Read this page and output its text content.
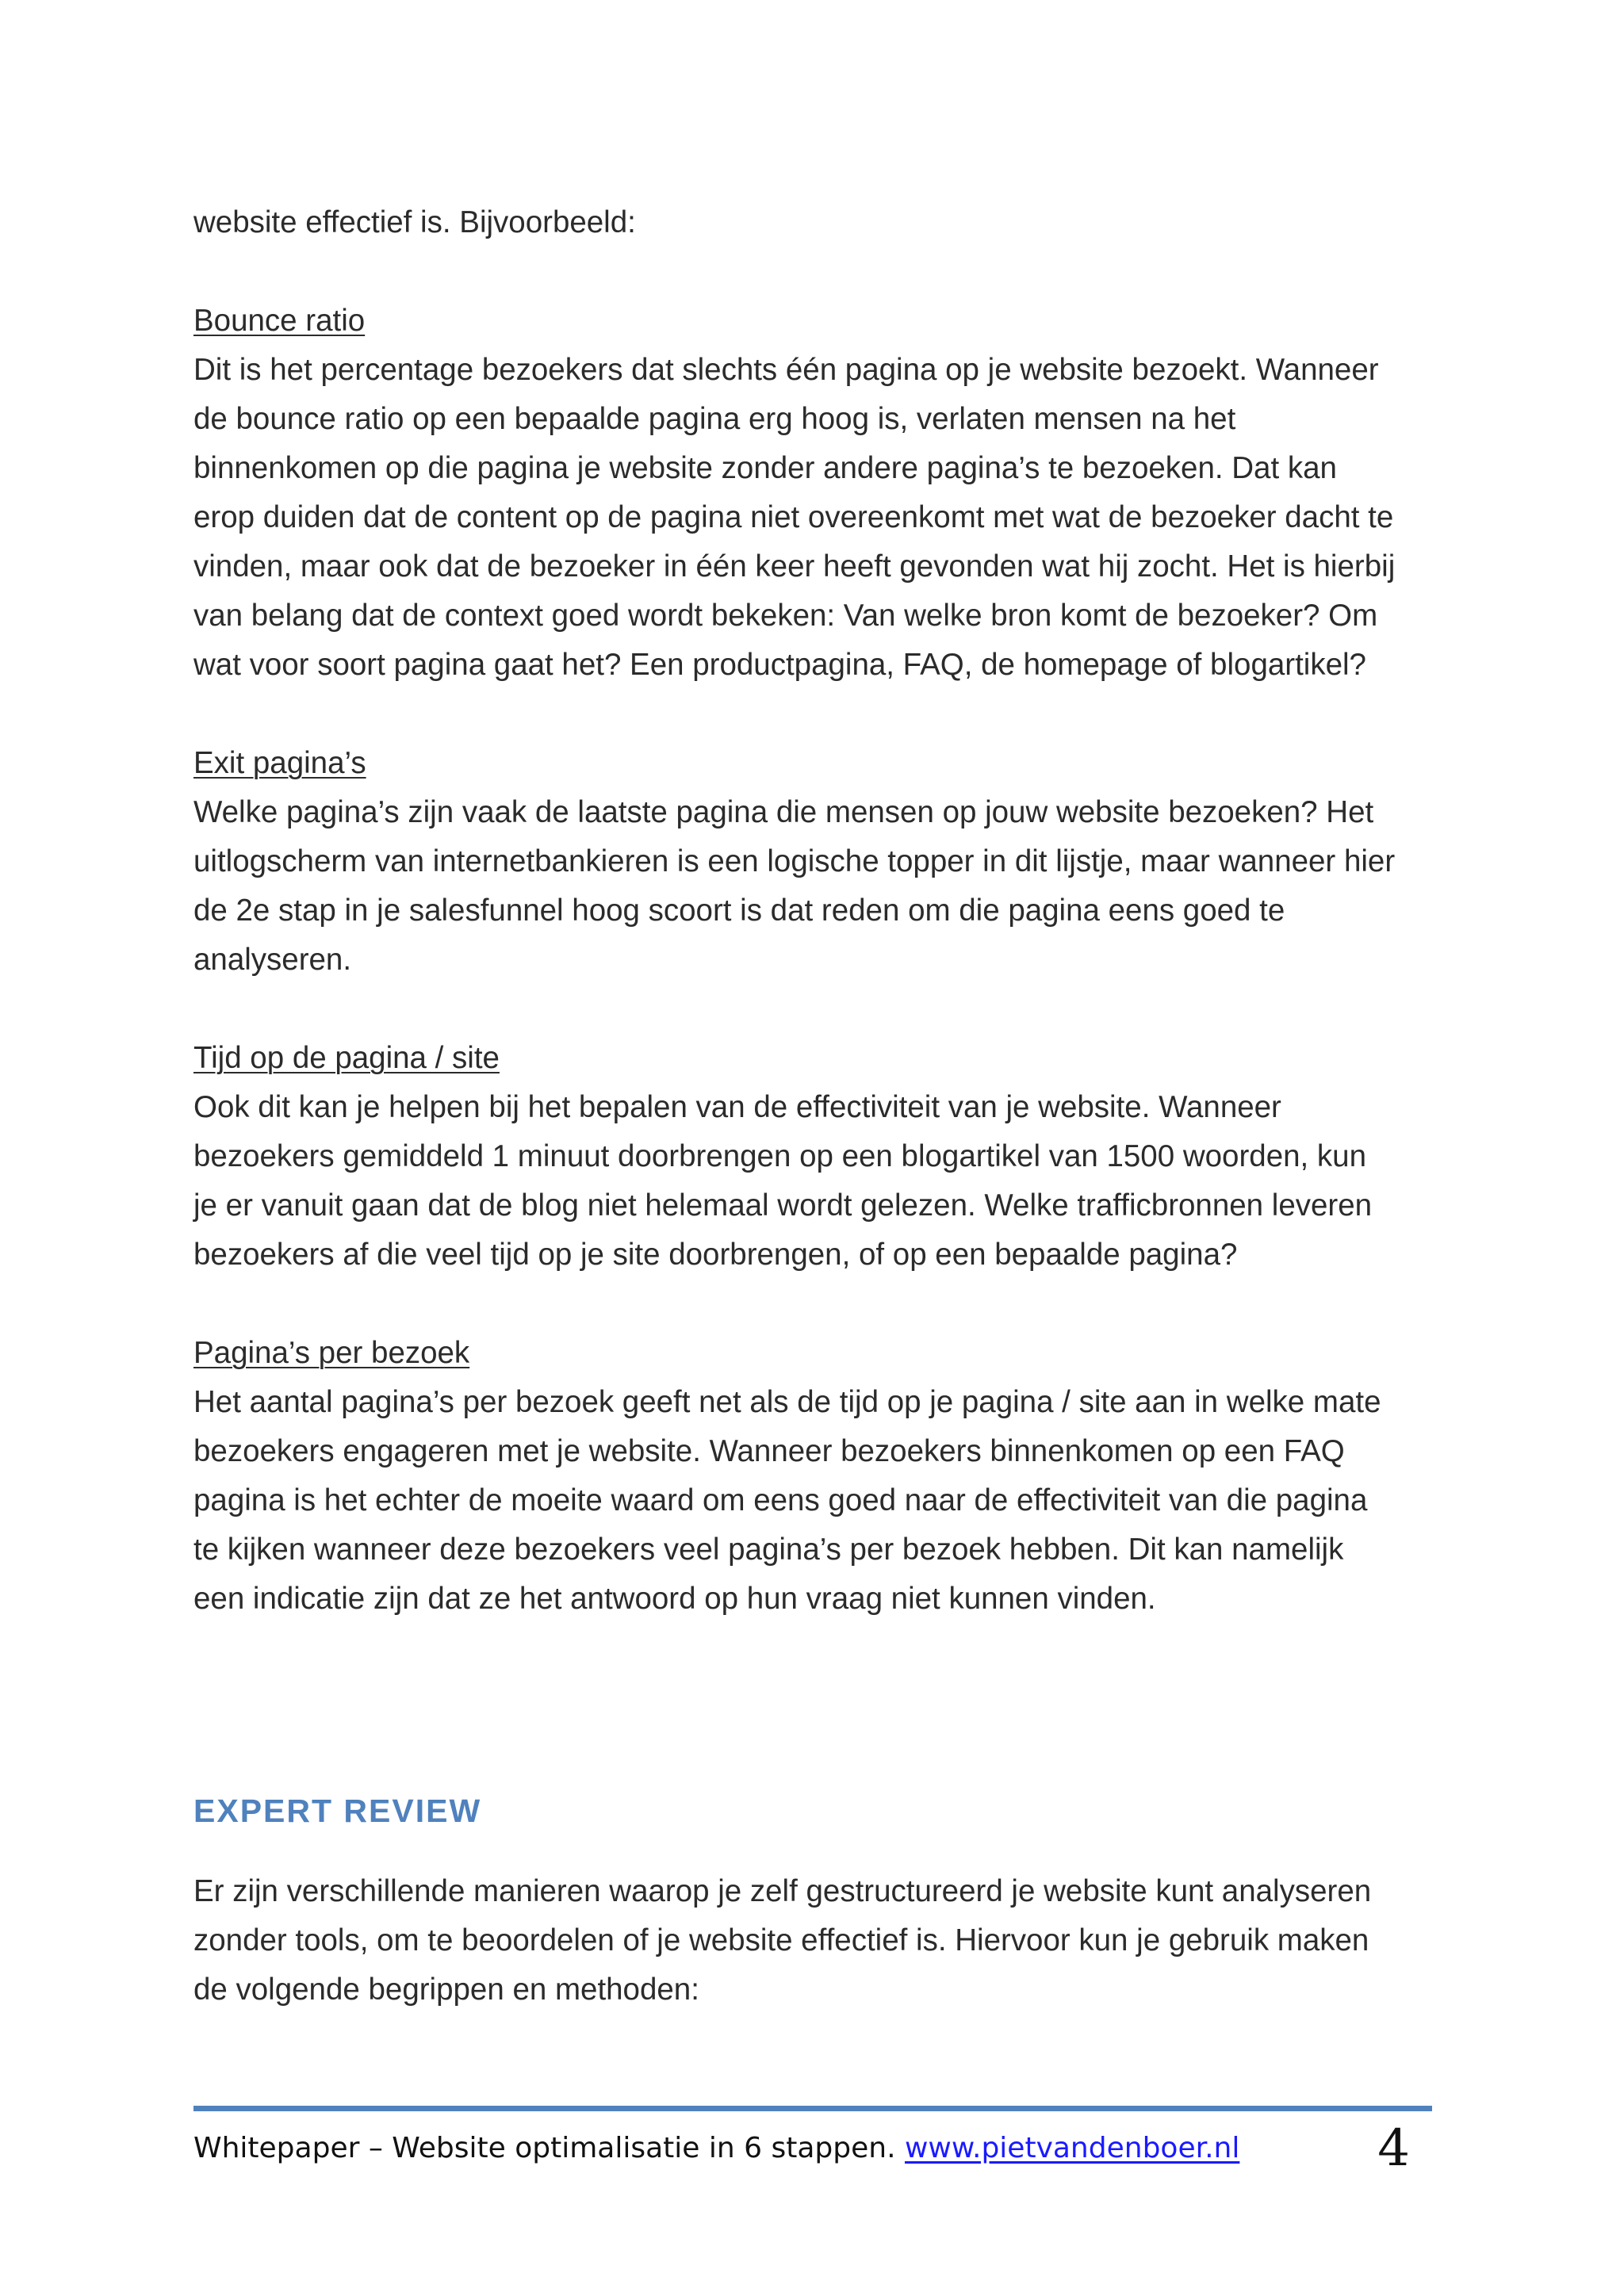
website effectief is. Bijvoorbeeld:

Bounce ratio
Dit is het percentage bezoekers dat slechts één pagina op je website bezoekt. Wanneer
de bounce ratio op een bepaalde pagina erg hoog is, verlaten mensen na het
binnenkomen op die pagina je website zonder andere pagina’s te bezoeken. Dat kan
erop duiden dat de content op de pagina niet overeenkomt met wat de bezoeker dacht te
vinden, maar ook dat de bezoeker in één keer heeft gevonden wat hij zocht. Het is hierbij
van belang dat de context goed wordt bekeken: Van welke bron komt de bezoeker? Om
wat voor soort pagina gaat het? Een productpagina, FAQ, de homepage of blogartikel?
Exit pagina’s
Welke pagina’s zijn vaak de laatste pagina die mensen op jouw website bezoeken? Het
uitlogscherm van internetbankieren is een logische topper in dit lijstje, maar wanneer hier
de 2e stap in je salesfunnel hoog scoort is dat reden om die pagina eens goed te
analyseren.
Tijd op de pagina / site
Ook dit kan je helpen bij het bepalen van de effectiviteit van je website. Wanneer
bezoekers gemiddeld 1 minuut doorbrengen op een blogartikel van 1500 woorden, kun
je er vanuit gaan dat de blog niet helemaal wordt gelezen. Welke trafficbronnen leveren
bezoekers af die veel tijd op je site doorbrengen, of op een bepaalde pagina?
Pagina’s per bezoek
Het aantal pagina’s per bezoek geeft net als de tijd op je pagina / site aan in welke mate
bezoekers engageren met je website. Wanneer bezoekers binnenkomen op een FAQ
pagina is het echter de moeite waard om eens goed naar de effectiviteit van die pagina
te kijken wanneer deze bezoekers veel pagina’s per bezoek hebben. Dit kan namelijk
een indicatie zijn dat ze het antwoord op hun vraag niet kunnen vinden.
EXPERT REVIEW
Er zijn verschillende manieren waarop je zelf gestructureerd je website kunt analyseren
zonder tools, om te beoordelen of je website effectief is. Hiervoor kun je gebruik maken
de volgende begrippen en methoden:
Whitepaper – Website optimalisatie in 6 stappen. www.pietvandenboer.nl	4
